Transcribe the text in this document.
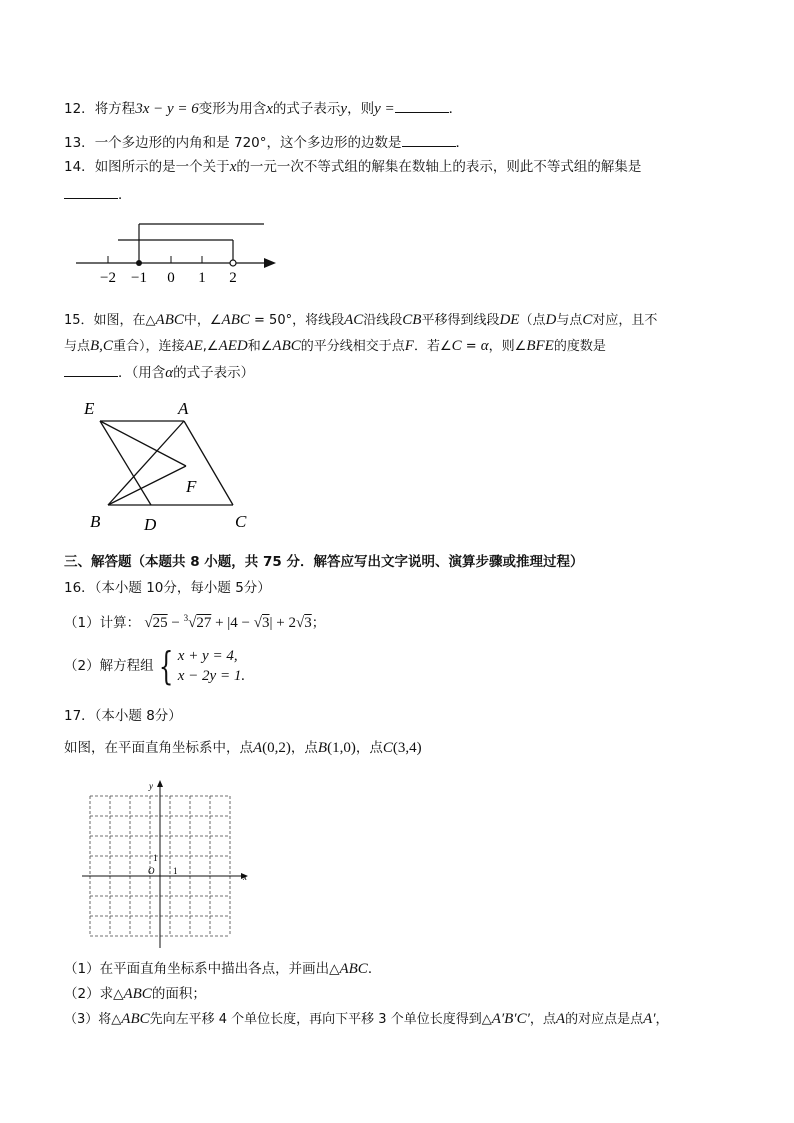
12．将方程3x − y = 6变形为用含x的式子表示y，则y =	．
13．一个多边形的内角和是 720°，这个多边形的边数是	．
14．如图所示的是一个关于x的一元一次不等式组的解集在数轴上的表示，则此不等式组的解集是
．
−2 −1 0 1 2
15．如图，在△ABC中，∠ABC = 50°，将线段AC沿线段CB平移得到线段DE（点D与点C对应，且不
与点B,C重合），连接AE,∠AED和∠ABC的平分线相交于点F．若∠C = α，则∠BFE的度数是
．（用含α的式子表示）
E	A
F
B	D	C
三、解答题（本题共 8 小题，共 75 分．解答应写出文字说明、演算步骤或推理过程）
16．（本小题 10分，每小题 5分）
（1）计算： √25 − $^3$√27 + |4 − √3| + 2√3；
（2）解方程组 { x + y = 4,
x − 2y = 1.
17．（本小题 8分）
如图，在平面直角坐标系中，点A(0,2)，点B(1,0)，点C(3,4)
y
x
O 1
1
（1）在平面直角坐标系中描出各点，并画出△ABC．
（2）求△ABC的面积；
（3）将△ABC先向左平移 4 个单位长度，再向下平移 3 个单位长度得到△A′B′C′，点A的对应点是点A′，
